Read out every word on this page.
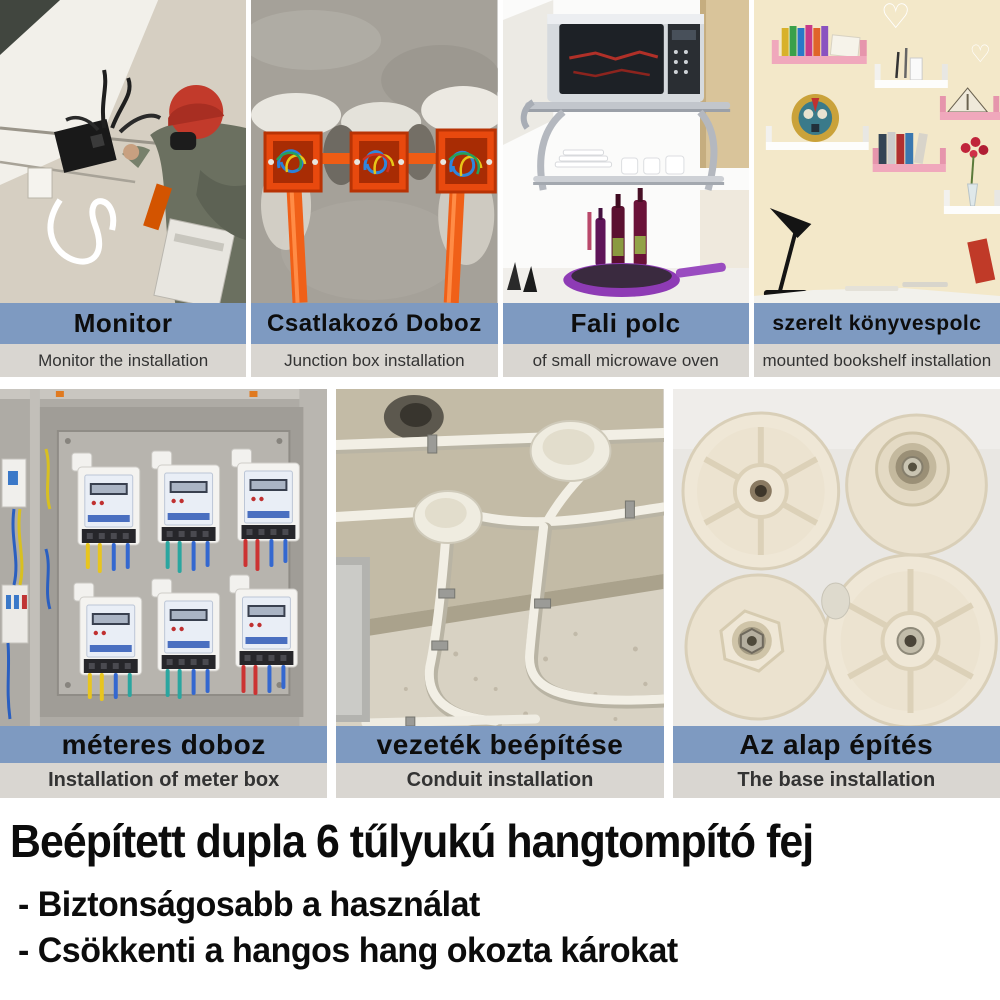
Monitor
Monitor the installation
Csatlakozó Doboz
Junction box installation
Fali polc
of small microwave oven
♡
♡
szerelt könyvespolc
mounted bookshelf installation
méteres doboz
Installation of meter box
vezeték beépítése
Conduit installation
Az alap építés
The base installation
Beépített dupla 6 tűlyukú hangtompító fej
- Biztonságosabb a használat
- Csökkenti a hangos hang okozta károkat
